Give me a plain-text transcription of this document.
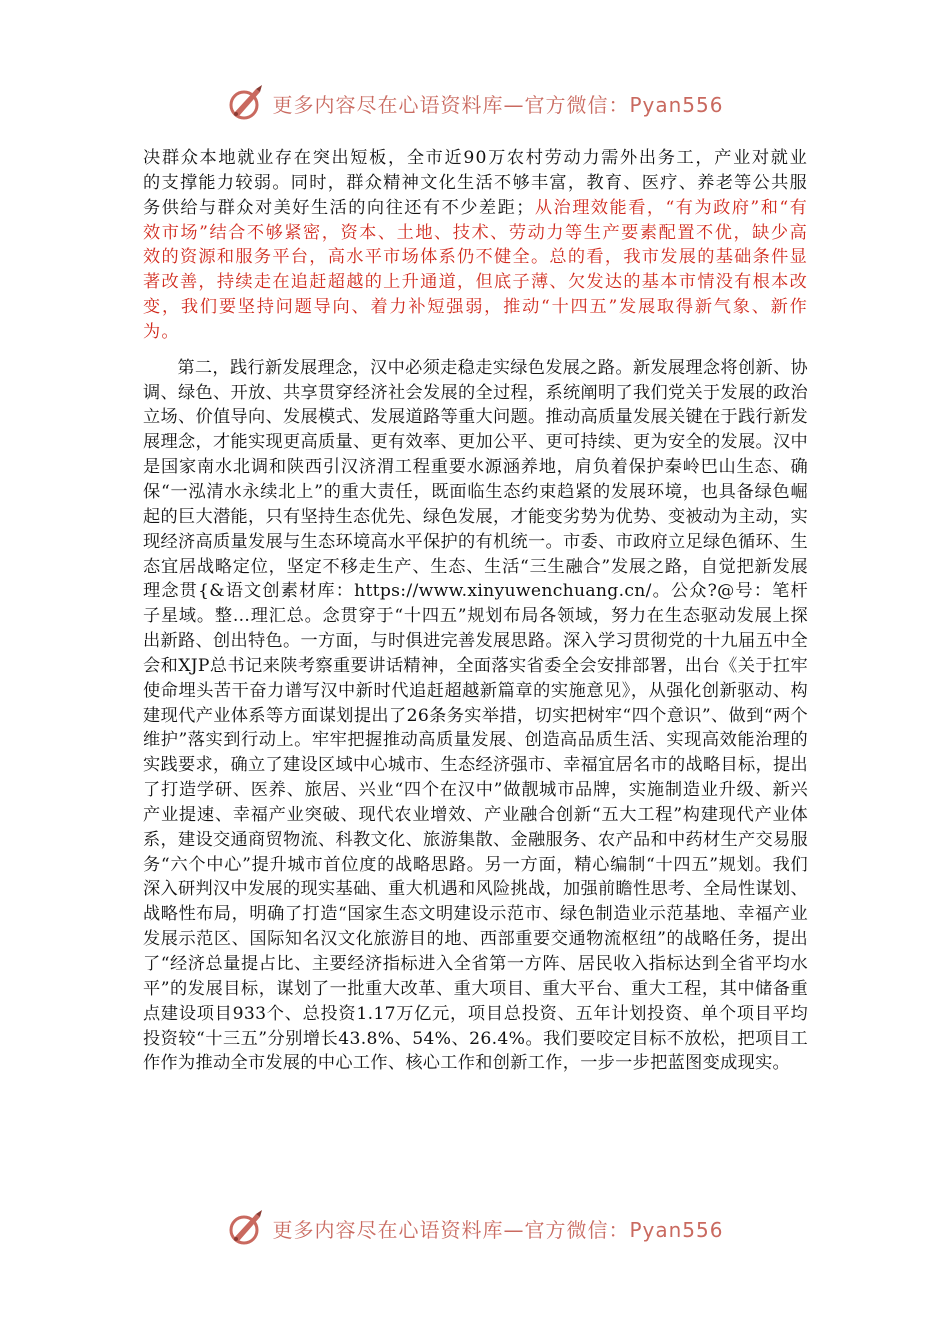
更多内容尽在心语资料库—官方微信：Pyan556

决群众本地就业存在突出短板，全市近90万农村劳动力需外出务工，产业对就业的支撑能力较弱。同时，群众精神文化生活不够丰富，教育、医疗、养老等公共服务供给与群众对美好生活的向往还有不少差距；从治理效能看，“有为政府”和“有效市场”结合不够紧密，资本、土地、技术、劳动力等生产要素配置不优，缺少高效的资源和服务平台，高水平市场体系仍不健全。总的看，我市发展的基础条件显著改善，持续走在追赶超越的上升通道，但底子薄、欠发达的基本市情没有根本改变，我们要坚持问题导向、着力补短强弱，推动“十四五”发展取得新气象、新作为。

第二，践行新发展理念，汉中必须走稳走实绿色发展之路。新发展理念将创新、协调、绿色、开放、共享贯穿经济社会发展的全过程，系统阐明了我们党关于发展的政治立场、价值导向、发展模式、发展道路等重大问题。推动高质量发展关键在于践行新发展理念，才能实现更高质量、更有效率、更加公平、更可持续、更为安全的发展。汉中是国家南水北调和陕西引汉济渭工程重要水源涵养地，肩负着保护秦岭巴山生态、确保“一泓清水永续北上”的重大责任，既面临生态约束趋紧的发展环境，也具备绿色崛起的巨大潜能，只有坚持生态优先、绿色发展，才能变劣势为优势、变被动为主动，实现经济高质量发展与生态环境高水平保护的有机统一。市委、市政府立足绿色循环、生态宜居战略定位，坚定不移走生产、生态、生活“三生融合”发展之路，自觉把新发展理念贯{&语文创素材库：https://www.xinyuwenchuang.cn/。公众?@号：笔杆子星域。整…理汇总。念贯穿于“十四五”规划布局各领域，努力在生态驱动发展上探出新路、创出特色。一方面，与时俱进完善发展思路。深入学习贯彻党的十九届五中全会和XJP总书记来陕考察重要讲话精神，全面落实省委全会安排部署，出台《关于扛牢使命埋头苦干奋力谱写汉中新时代追赶超越新篇章的实施意见》，从强化创新驱动、构建现代产业体系等方面谋划提出了26条务实举措，切实把树牢“四个意识”、做到“两个维护”落实到行动上。牢牢把握推动高质量发展、创造高品质生活、实现高效能治理的实践要求，确立了建设区域中心城市、生态经济强市、幸福宜居名市的战略目标，提出了打造学研、医养、旅居、兴业“四个在汉中”做靓城市品牌，实施制造业升级、新兴产业提速、幸福产业突破、现代农业增效、产业融合创新“五大工程”构建现代产业体系，建设交通商贸物流、科教文化、旅游集散、金融服务、农产品和中药材生产交易服务“六个中心”提升城市首位度的战略思路。另一方面，精心编制“十四五”规划。我们深入研判汉中发展的现实基础、重大机遇和风险挑战，加强前瞻性思考、全局性谋划、战略性布局，明确了打造“国家生态文明建设示范市、绿色制造业示范基地、幸福产业发展示范区、国际知名汉文化旅游目的地、西部重要交通物流枢纽”的战略任务，提出了“经济总量提占比、主要经济指标进入全省第一方阵、居民收入指标达到全省平均水平”的发展目标，谋划了一批重大改革、重大项目、重大平台、重大工程，其中储备重点建设项目933个、总投资1.17万亿元，项目总投资、五年计划投资、单个项目平均投资较“十三五”分别增长43.8%、54%、26.4%。我们要咬定目标不放松，把项目工作作为推动全市发展的中心工作、核心工作和创新工作，一步一步把蓝图变成现实。

更多内容尽在心语资料库—官方微信：Pyan556
